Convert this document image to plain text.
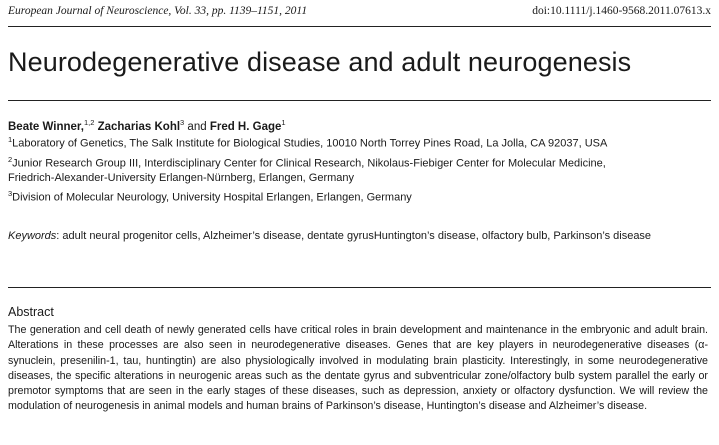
European Journal of Neuroscience, Vol. 33, pp. 1139–1151, 2011	doi:10.1111/j.1460-9568.2011.07613.x
Neurodegenerative disease and adult neurogenesis
Beate Winner,$^{1,2}$ Zacharias Kohl$^3$ and Fred H. Gage$^1$
$^1$Laboratory of Genetics, The Salk Institute for Biological Studies, 10010 North Torrey Pines Road, La Jolla, CA 92037, USA
$^2$Junior Research Group III, Interdisciplinary Center for Clinical Research, Nikolaus-Fiebiger Center for Molecular Medicine,
Friedrich-Alexander-University Erlangen-Nürnberg, Erlangen, Germany
$^3$Division of Molecular Neurology, University Hospital Erlangen, Erlangen, Germany
Keywords: adult neural progenitor cells, Alzheimer’s disease, dentate gyrusHuntington’s disease, olfactory bulb, Parkinson’s disease
Abstract
The generation and cell death of newly generated cells have critical roles in brain development and maintenance in the embryonic and adult brain. Alterations in these processes are also seen in neurodegenerative diseases. Genes that are key players in neurodegenerative diseases (α-synuclein, presenilin-1, tau, huntingtin) are also physiologically involved in modulating brain plasticity. Interestingly, in some neurodegenerative diseases, the specific alterations in neurogenic areas such as the dentate gyrus and subventricular zone/olfactory bulb system parallel the early or premotor symptoms that are seen in the early stages of these diseases, such as depression, anxiety or olfactory dysfunction. We will review the modulation of neurogenesis in animal models and human brains of Parkinson’s disease, Huntington’s disease and Alzheimer’s disease.
